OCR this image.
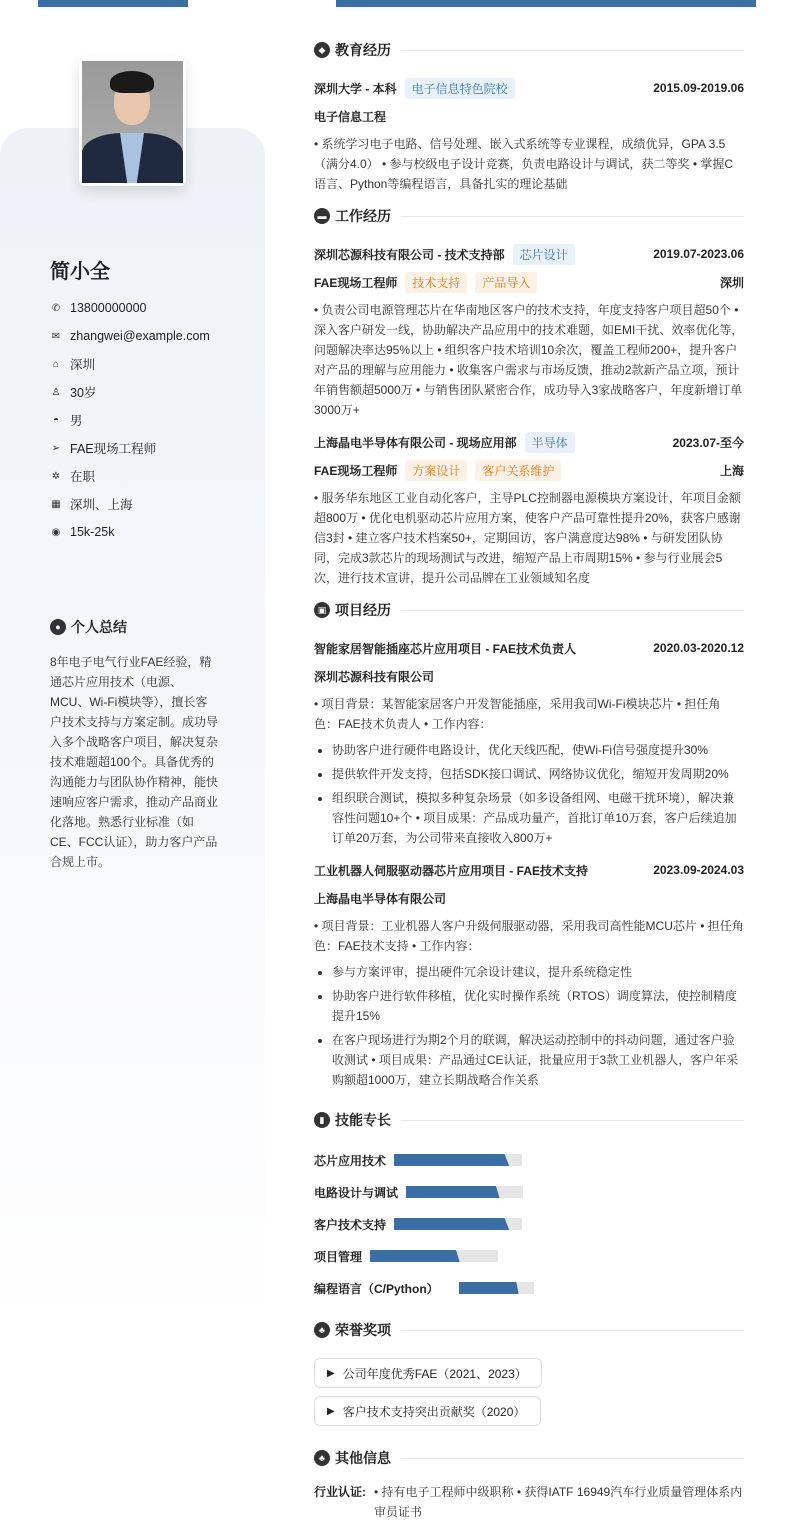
简小全
✆ 13800000000
✉ zhangwei@example.com
⌂ 深圳
♙ 30岁
◓ 男
➢ FAE现场工程师
✲ 在职
▦ 深圳、上海
◉ 15k-25k
● 个人总结
8年电子电气行业FAE经验，精通芯片应用技术（电源、MCU、Wi-Fi模块等），擅长客户技术支持与方案定制。成功导入多个战略客户项目，解决复杂技术难题超100个。具备优秀的沟通能力与团队协作精神，能快速响应客户需求，推动产品商业化落地。熟悉行业标准（如CE、FCC认证），助力客户产品合规上市。
◆ 教育经历
深圳大学 - 本科	电子信息特色院校	2015.09-2019.06
电子信息工程
• 系统学习电子电路、信号处理、嵌入式系统等专业课程，成绩优异，GPA 3.5（满分4.0） • 参与校级电子设计竞赛，负责电路设计与调试，获二等奖 • 掌握C语言、Python等编程语言，具备扎实的理论基础
▬ 工作经历
深圳芯源科技有限公司 - 技术支持部	芯片设计	2019.07-2023.06
FAE现场工程师	技术支持	产品导入	深圳
• 负责公司电源管理芯片在华南地区客户的技术支持，年度支持客户项目超50个 • 深入客户研发一线，协助解决产品应用中的技术难题，如EMI干扰、效率优化等，问题解决率达95%以上 • 组织客户技术培训10余次，覆盖工程师200+，提升客户对产品的理解与应用能力 • 收集客户需求与市场反馈，推动2款新产品立项，预计年销售额超5000万 • 与销售团队紧密合作，成功导入3家战略客户，年度新增订单3000万+
上海晶电半导体有限公司 - 现场应用部	半导体	2023.07-至今
FAE现场工程师	方案设计	客户关系维护	上海
• 服务华东地区工业自动化客户，主导PLC控制器电源模块方案设计，年项目金额超800万 • 优化电机驱动芯片应用方案，使客户产品可靠性提升20%，获客户感谢信3封 • 建立客户技术档案50+，定期回访，客户满意度达98% • 与研发团队协同，完成3款芯片的现场测试与改进，缩短产品上市周期15% • 参与行业展会5次，进行技术宣讲，提升公司品牌在工业领域知名度
▣ 项目经历
智能家居智能插座芯片应用项目 - FAE技术负责人	2020.03-2020.12
深圳芯源科技有限公司
• 项目背景：某智能家居客户开发智能插座，采用我司Wi-Fi模块芯片 • 担任角色：FAE技术负责人 • 工作内容：
• 协助客户进行硬件电路设计，优化天线匹配，使Wi-Fi信号强度提升30%
• 提供软件开发支持，包括SDK接口调试、网络协议优化，缩短开发周期20%
• 组织联合测试，模拟多种复杂场景（如多设备组网、电磁干扰环境），解决兼容性问题10+个 • 项目成果：产品成功量产，首批订单10万套，客户后续追加订单20万套，为公司带来直接收入800万+
工业机器人伺服驱动器芯片应用项目 - FAE技术支持	2023.09-2024.03
上海晶电半导体有限公司
• 项目背景：工业机器人客户升级伺服驱动器，采用我司高性能MCU芯片 • 担任角色：FAE技术支持 • 工作内容：
• 参与方案评审，提出硬件冗余设计建议，提升系统稳定性
• 协助客户进行软件移植，优化实时操作系统（RTOS）调度算法，使控制精度提升15%
• 在客户现场进行为期2个月的联调，解决运动控制中的抖动问题，通过客户验收测试 • 项目成果：产品通过CE认证，批量应用于3款工业机器人，客户年采购额超1000万，建立长期战略合作关系
▮ 技能专长
芯片应用技术
电路设计与调试
客户技术支持
项目管理
编程语言（C/Python）
♣ 荣誉奖项
▶ 公司年度优秀FAE（2021、2023）
▶ 客户技术支持突出贡献奖（2020）
♣ 其他信息
行业认证: • 持有电子工程师中级职称 • 获得IATF 16949汽车行业质量管理体系内审员证书
